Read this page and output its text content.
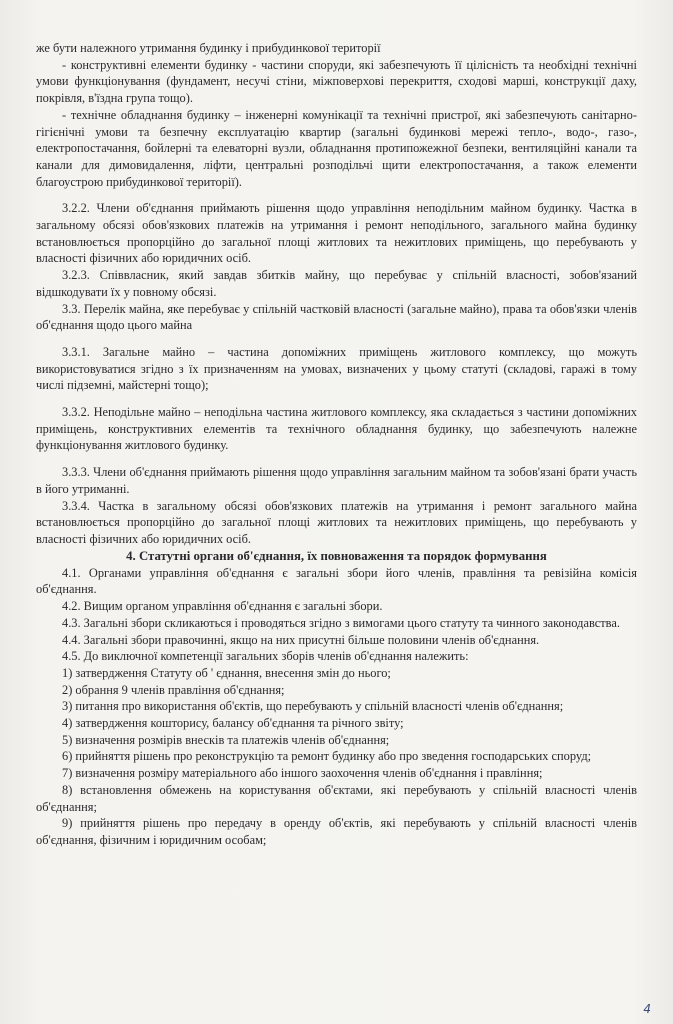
же бути належного утримання будинку і прибудинкової території

- конструктивні елементи будинку - частини споруди, які забезпечують її цілісність та необхідні технічні умови функціонування (фундамент, несучі стіни, міжповерхові перекриття, сходові марші, конструкції даху, покрівля, в'їздна група тощо).

- технічне обладнання будинку – інженерні комунікації та технічні пристрої, які забезпечують санітарно-гігієнічні умови та безпечну експлуатацію квартир (загальні будинкові мережі тепло-, водо-, газо-, електропостачання, бойлерні та елеваторні вузли, обладнання протипожежної безпеки, вентиляційні канали та канали для димовидалення, ліфти, центральні розподільчі щити електропостачання, а також елементи благоустрою прибудинкової території).

3.2.2. Члени об'єднання приймають рішення щодо управління неподільним майном будинку. Частка в загальному обсязі обов'язкових платежів на утримання і ремонт неподільного, загального майна будинку встановлюється пропорційно до загальної площі житлових та нежитлових приміщень, що перебувають у власності фізичних або юридичних осіб.

3.2.3. Співвласник, який завдав збитків майну, що перебуває у спільній власності, зобов'язаний відшкодувати їх у повному обсязі.

3.3. Перелік майна, яке перебуває у спільній частковій власності (загальне майно), права та обов'язки членів об'єднання щодо цього майна

3.3.1. Загальне майно – частина допоміжних приміщень житлового комплексу, що можуть використовуватися згідно з їх призначенням на умовах, визначених у цьому статуті (складові, гаражі в тому числі підземні, майстерні тощо);

3.3.2. Неподільне майно – неподільна частина житлового комплексу, яка складається з частини допоміжних приміщень, конструктивних елементів та технічного обладнання будинку, що забезпечують належне функціонування житлового будинку.

3.3.3. Члени об'єднання приймають рішення щодо управління загальним майном та зобов'язані брати участь в його утриманні.

3.3.4. Частка в загальному обсязі обов'язкових платежів на утримання і ремонт загального майна встановлюється пропорційно до загальної площі житлових та нежитлових приміщень, що перебувають у власності фізичних або юридичних осіб.

4. Статутні органи об'єднання, їх повноваження та порядок формування

4.1. Органами управління об'єднання є загальні збори його членів, правління та ревізійна комісія об'єднання.

4.2. Вищим органом управління об'єднання є загальні збори.

4.3. Загальні збори скликаються і проводяться згідно з вимогами цього статуту та чинного законодавства.

4.4. Загальні збори правочинні, якщо на них присутні більше половини членів об'єднання.

4.5. До виключної компетенції загальних зборів членів об'єднання належить:

1) затвердження Статуту об ' єднання, внесення змін до нього;

2) обрання 9 членів правління об'єднання;

3) питання про використання об'єктів, що перебувають у спільній власності членів об'єднання;

4) затвердження кошторису, балансу об'єднання та річного звіту;

5) визначення розмірів внесків та платежів членів об'єднання;

6) прийняття рішень про реконструкцію та ремонт будинку або про зведення господарських споруд;

7) визначення розміру матеріального або іншого заохочення членів об'єднання і правління;

8) встановлення обмежень на користування об'єктами, які перебувають у спільній власності членів об'єднання;

9) прийняття рішень про передачу в оренду об'єктів, які перебувають у спільній власності членів об'єднання, фізичним і юридичним особам;

4
